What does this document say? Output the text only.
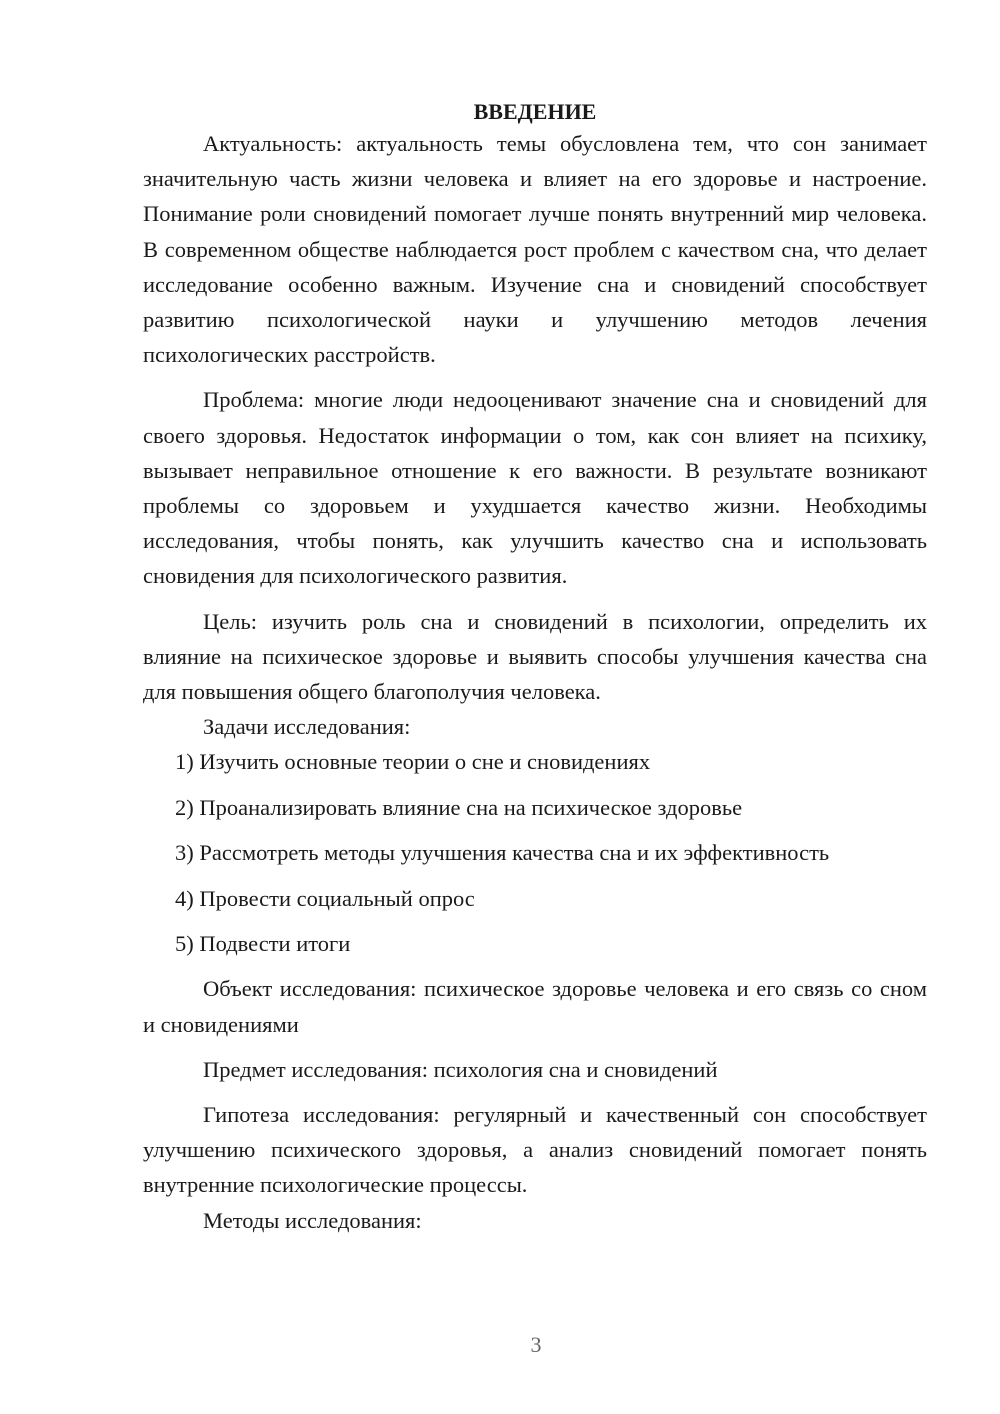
ВВЕДЕНИЕ

Актуальность: актуальность темы обусловлена тем, что сон занимает значительную часть жизни человека и влияет на его здоровье и настроение. Понимание роли сновидений помогает лучше понять внутренний мир человека. В современном обществе наблюдается рост проблем с качеством сна, что делает исследование особенно важным. Изучение сна и сновидений способствует развитию психологической науки и улучшению методов лечения психологических расстройств.

Проблема: многие люди недооценивают значение сна и сновидений для своего здоровья. Недостаток информации о том, как сон влияет на психику, вызывает неправильное отношение к его важности. В результате возникают проблемы со здоровьем и ухудшается качество жизни. Необходимы исследования, чтобы понять, как улучшить качество сна и использовать сновидения для психологического развития.

Цель: изучить роль сна и сновидений в психологии, определить их влияние на психическое здоровье и выявить способы улучшения качества сна для повышения общего благополучия человека.

Задачи исследования:

1) Изучить основные теории о сне и сновидениях
2) Проанализировать влияние сна на психическое здоровье
3) Рассмотреть методы улучшения качества сна и их эффективность
4) Провести социальный опрос
5) Подвести итоги

Объект исследования: психическое здоровье человека и его связь со сном и сновидениями

Предмет исследования: психология сна и сновидений

Гипотеза исследования: регулярный и качественный сон способствует улучшению психического здоровья, а анализ сновидений помогает понять внутренние психологические процессы.

Методы исследования:

3
